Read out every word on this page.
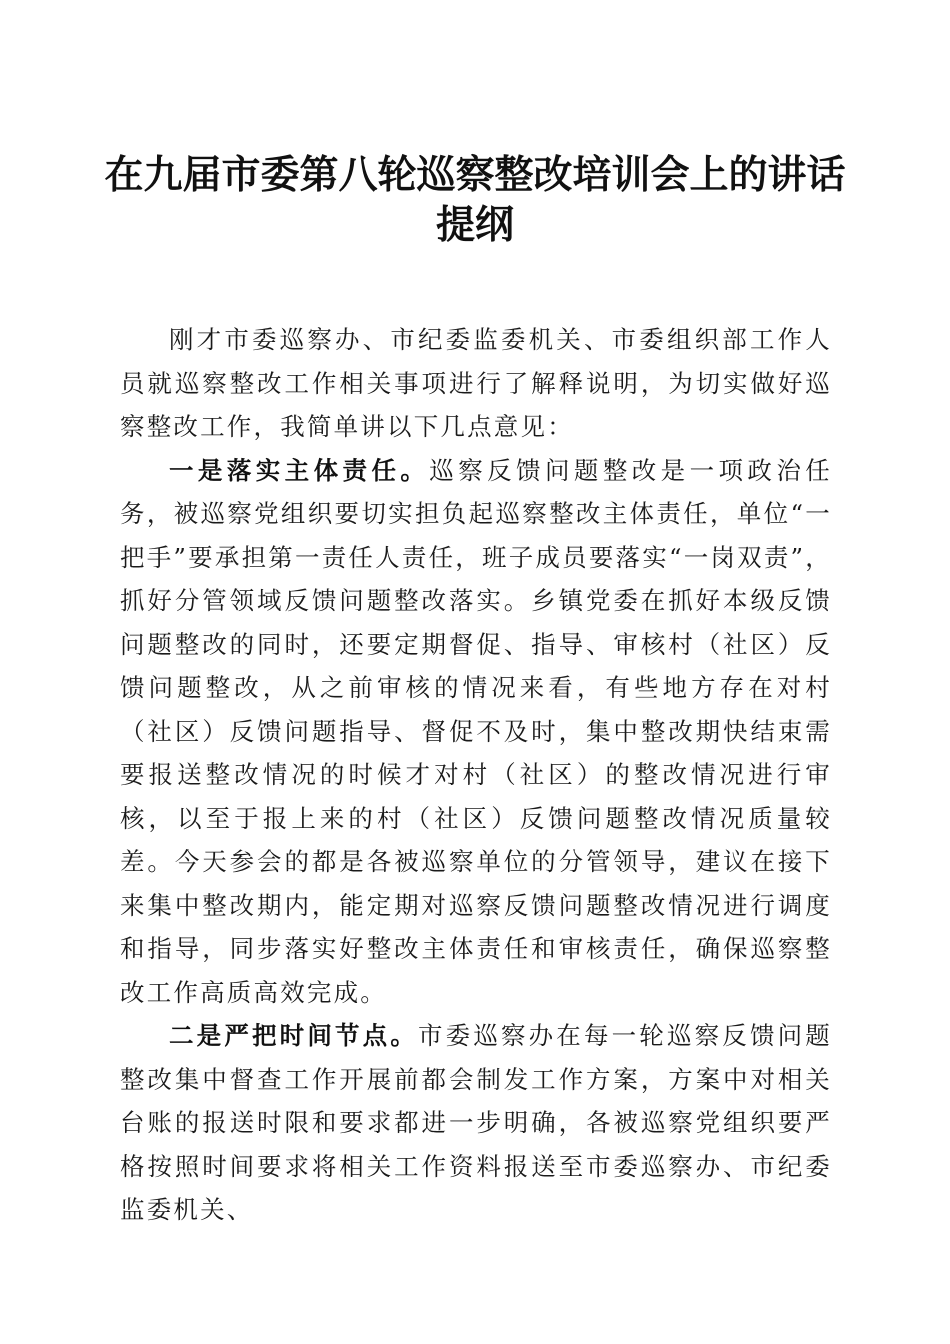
在九届市委第八轮巡察整改培训会上的讲话提纲

刚才市委巡察办、市纪委监委机关、市委组织部工作人员就巡察整改工作相关事项进行了解释说明，为切实做好巡察整改工作，我简单讲以下几点意见：

一是落实主体责任。巡察反馈问题整改是一项政治任务，被巡察党组织要切实担负起巡察整改主体责任，单位“一把手”要承担第一责任人责任，班子成员要落实“一岗双责”，抓好分管领域反馈问题整改落实。乡镇党委在抓好本级反馈问题整改的同时，还要定期督促、指导、审核村（社区）反馈问题整改，从之前审核的情况来看，有些地方存在对村（社区）反馈问题指导、督促不及时，集中整改期快结束需要报送整改情况的时候才对村（社区）的整改情况进行审核，以至于报上来的村（社区）反馈问题整改情况质量较差。今天参会的都是各被巡察单位的分管领导，建议在接下来集中整改期内，能定期对巡察反馈问题整改情况进行调度和指导，同步落实好整改主体责任和审核责任，确保巡察整改工作高质高效完成。

二是严把时间节点。市委巡察办在每一轮巡察反馈问题整改集中督查工作开展前都会制发工作方案，方案中对相关台账的报送时限和要求都进一步明确，各被巡察党组织要严格按照时间要求将相关工作资料报送至市委巡察办、市纪委监委机关、
